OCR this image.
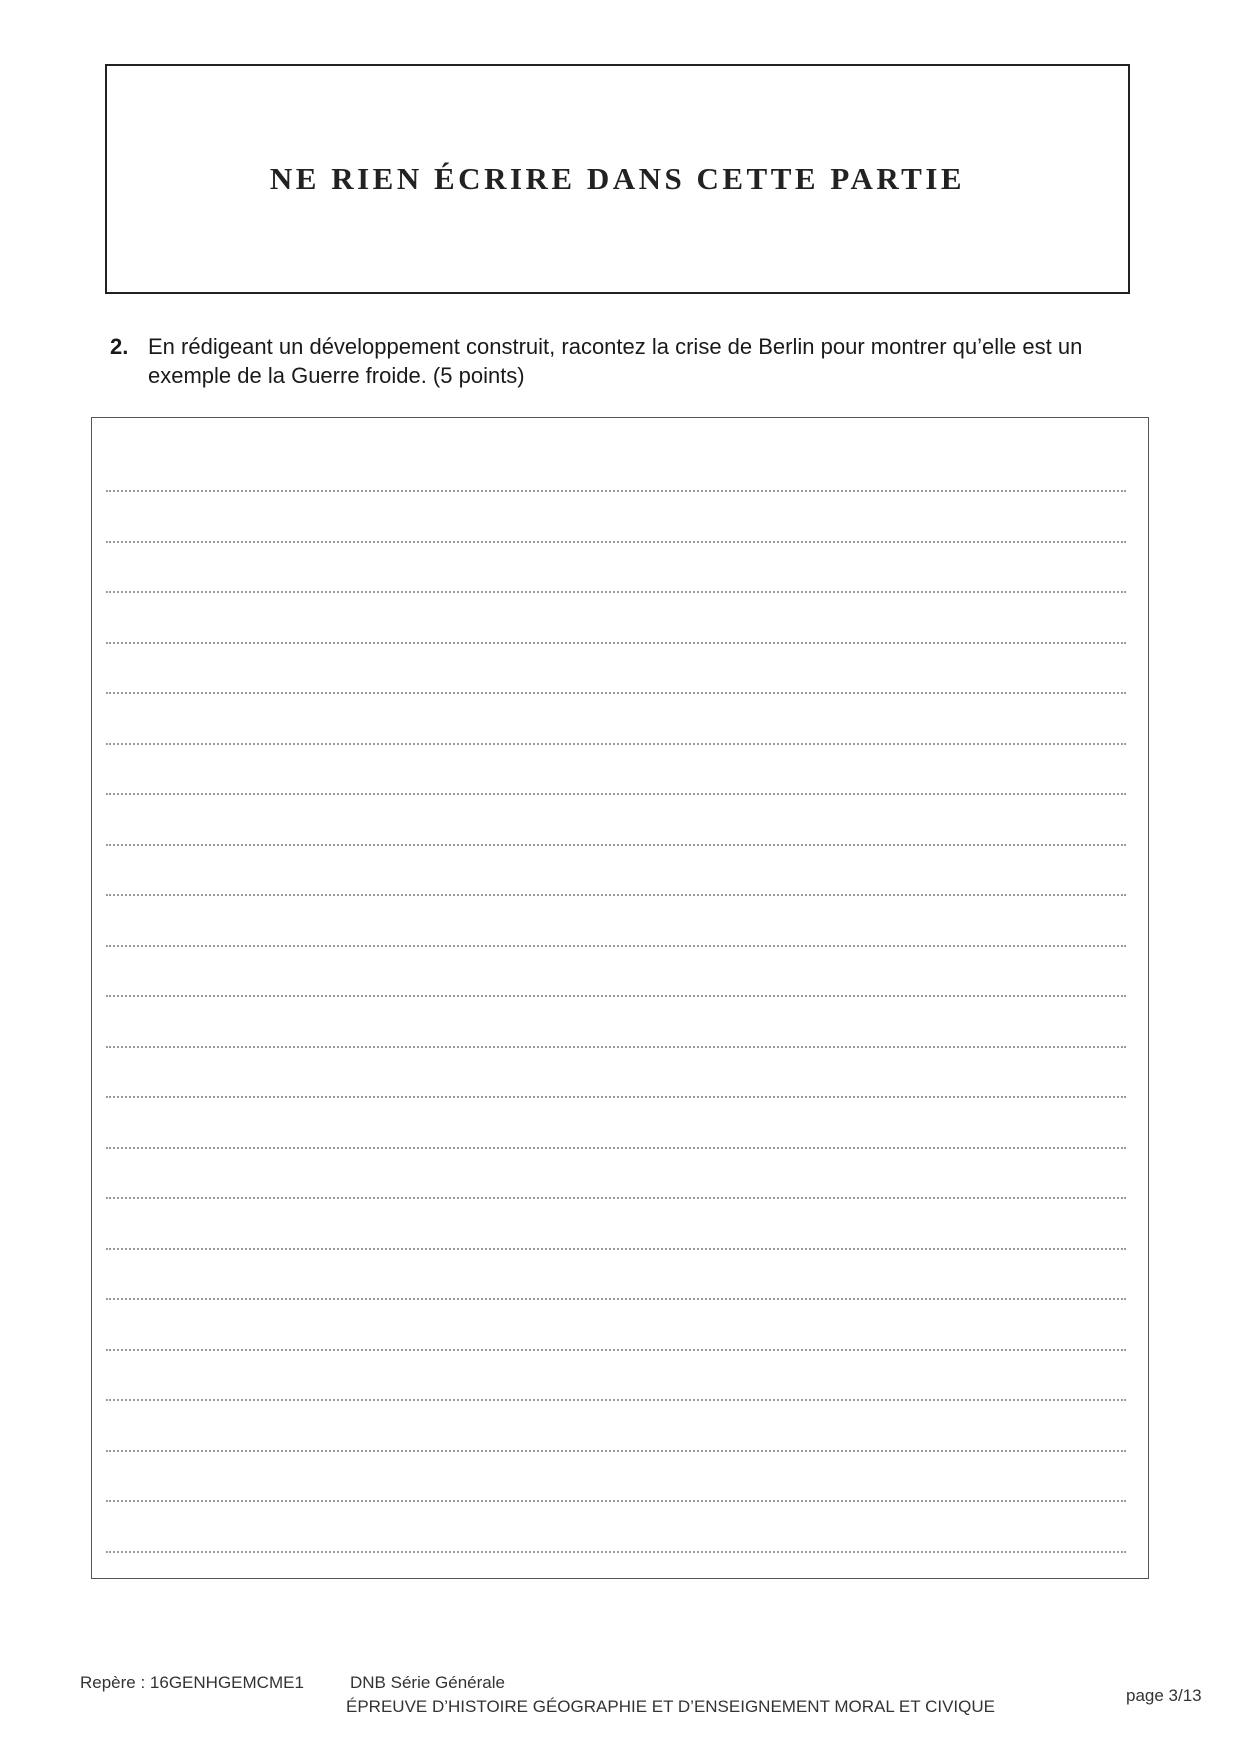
NE RIEN ÉCRIRE DANS CETTE PARTIE
2. En rédigeant un développement construit, racontez la crise de Berlin pour montrer qu’elle est un exemple de la Guerre froide. (5 points)
Repère : 16GENHGEMCME1	DNB Série Générale
ÉPREUVE D’HISTOIRE GÉOGRAPHIE ET D’ENSEIGNEMENT MORAL ET CIVIQUE
page 3/13
